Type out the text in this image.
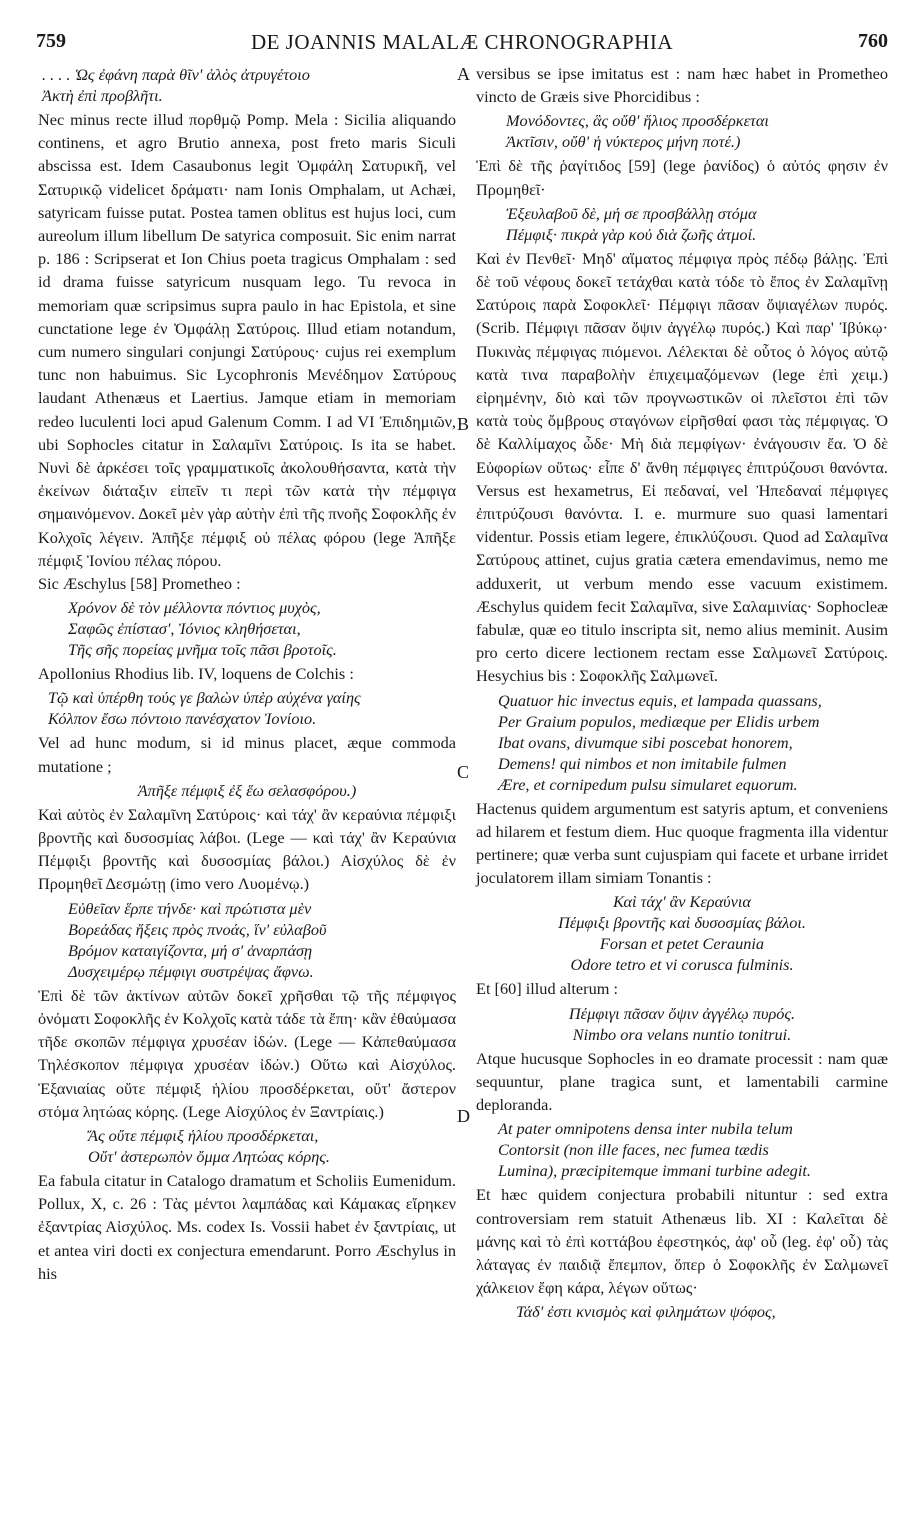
759	DE JOANNIS MALALÆ CHRONOGRAPHIA	760
A
B
C
D
. . . . Ὡς ἐφάνη παρὰ θῖν' ἁλὸς ἀτρυγέτοιο
Ἀκτὴ ἐπὶ προβλῆτι.

Nec minus recte illud πορθμῷ Pomp. Mela : Sicilia aliquando continens, et agro Brutio annexa, post freto maris Siculi abscissa est. Idem Casaubonus legit Ὀμφάλη Σατυρικῆ, vel Σατυρικῷ videlicet δράματι· nam Ionis Omphalam, ut Achæi, satyricam fuisse putat. Postea tamen oblitus est hujus loci, cum aureolum illum libellum De satyrica composuit. Sic enim narrat p. 186 : Scripserat et Ion Chius poeta tragicus Omphalam : sed id drama fuisse satyricum nusquam lego. Tu revoca in memoriam quæ scripsimus supra paulo in hac Epistola, et sine cunctatione lege ἐν Ὀμφάλῃ Σατύροις. Illud etiam notandum, cum numero singulari conjungi Σατύρους· cujus rei exemplum tunc non habuimus. Sic Lycophronis Μενέδημον Σατύρους laudant Athenæus et Laertius. Jamque etiam in memoriam redeo luculenti loci apud Galenum Comm. I ad VI Ἐπιδημιῶν, ubi Sophocles citatur in Σαλαμῖνι Σατύροις. Is ita se habet. Νυνὶ δὲ ἀρκέσει τοῖς γραμματικοῖς ἀκολουθήσαντα, κατὰ τὴν ἐκείνων διάταξιν εἰπεῖν τι περὶ τῶν κατὰ τὴν πέμφιγα σημαινόμενον. Δοκεῖ μὲν γὰρ αὐτὴν ἐπὶ τῆς πνοῆς Σοφοκλῆς ἐν Κολχοῖς λέγειν. Ἀπῆξε πέμφιξ οὐ πέλας φόρου (lege Ἀπῆξε πέμφιξ Ἰονίου πέλας πόρου.

Sic Æschylus [58] Prometheo :

Χρόνον δὲ τὸν μέλλοντα πόντιος μυχὸς,
Σαφῶς ἐπίστασ', Ἰόνιος κληθήσεται,
Τῆς σῆς πορείας μνῆμα τοῖς πᾶσι βροτοῖς.

Apollonius Rhodius lib. IV, loquens de Colchis :

Τῷ καὶ ὑπέρθη τούς γε βαλὼν ὑπὲρ αὐχένα γαίης
Κόλπον ἔσω πόντοιο πανέσχατον Ἰονίοιο.

Vel ad hunc modum, si id minus placet, æque commoda mutatione ;

Ἀπῆξε πέμφιξ ἐξ ἕω σελασφόρου.)

Καὶ αὐτὸς ἐν Σαλαμῖνη Σατύροις· καὶ τάχ' ἂν κεραύνια πέμφιξι βροντῆς καὶ δυσοσμίας λάβοι. (Lege — καὶ τάχ' ἂν Κεραύνια Πέμφιξι βροντῆς καὶ δυσοσμίας βάλοι.) Αἰσχύλος δὲ ἐν Προμηθεῖ Δεσμώτῃ (imo vero Λυομένῳ.)

Εὐθεῖαν ἕρπε τήνδε· καὶ πρώτιστα μὲν
Βορεάδας ἥξεις πρὸς πνοάς, ἵν' εὐλαβοῦ
Βρόμον καταιγίζοντα, μή σ' ἀναρπάσῃ
Δυσχειμέρῳ πέμφιγι συστρέψας ἄφνω.

Ἐπὶ δὲ τῶν ἀκτίνων αὐτῶν δοκεῖ χρῆσθαι τῷ τῆς πέμφιγος ὀνόματι Σοφοκλῆς ἐν Κολχοῖς κατὰ τάδε τὰ ἔπη· κἂν ἐθαύμασα τῆδε σκοπῶν πέμφιγα χρυσέαν ἰδών. (Lege — Κἀπεθαύμασα Τηλέσκοπον πέμφιγα χρυσέαν ἰδών.) Οὕτω καὶ Αἰσχύλος. Ἐξανιαίας οὔτε πέμφιξ ἡλίου προσδέρκεται, οὔτ' ἄστερον στόμα λητώας κόρης. (Lege Αἰσχύλος ἐν Ξαντρίαις.)

Ἄς οὔτε πέμφιξ ἡλίου προσδέρκεται,
Οὔτ' ἀστερωπὸν ὄμμα Λητώας κόρης.

Ea fabula citatur in Catalogo dramatum et Scholiis Eumenidum. Pollux, X, c. 26 : Τὰς μέντοι λαμπάδας καὶ Κάμακας εἴρηκεν ἐξαντρίας Αἰσχύλος. Ms. codex Is. Vossii habet ἐν ξαντρίαις, ut et antea viri docti ex conjectura emendarunt. Porro Æschylus in his

versibus se ipse imitatus est : nam hæc habet in Prometheo vincto de Græis sive Phorcidibus :

Μονόδοντες, ἃς οὔθ' ἥλιος προσδέρκεται
Ἀκτῖσιν, οὔθ' ἡ νύκτερος μήνη ποτέ.)

Ἐπὶ δὲ τῆς ῥαγίτιδος [59] (lege ῥανίδος) ὁ αὐτός φησιν ἐν Προμηθεῖ·

Ἐξευλαβοῦ δὲ, μή σε προσβάλλῃ στόμα
Πέμφιξ· πικρὰ γὰρ κοὐ διὰ ζωῆς ἀτμοί.

Καὶ ἐν Πενθεῖ· Μηδ' αἵματος πέμφιγα πρὸς πέδῳ βάλῃς. Ἐπὶ δὲ τοῦ νέφους δοκεῖ τετάχθαι κατὰ τόδε τὸ ἔπος ἐν Σαλαμῖνῃ Σατύροις παρὰ Σοφοκλεῖ· Πέμφιγι πᾶσαν ὄψιαγέλων πυρός. (Scrib. Πέμφιγι πᾶσαν ὄψιν ἀγγέλῳ πυρός.) Καὶ παρ' Ἰβύκῳ· Πυκινὰς πέμφιγας πιόμενοι. Λέλεκται δὲ οὗτος ὁ λόγος αὐτῷ κατὰ τινα παραβολὴν ἐπιχειμαζόμενων (lege ἐπὶ χειμ.) εἰρημένην, διὸ καὶ τῶν προγνωστικῶν οἱ πλεῖστοι ἐπὶ τῶν κατὰ τοὺς ὄμβρους σταγόνων εἰρῆσθαί φασι τὰς πέμφιγας. Ὁ δὲ Καλλίμαχος ὧδε· Μὴ διὰ πεμφίγων· ἐνάγουσιν ἔα. Ὁ δὲ Εὐφορίων οὕτως· εἶπε δ' ἄνθη πέμφιγες ἐπιτρύζουσι θανόντα. Versus est hexametrus, Εἱ πεδαναί, vel Ἠπεδαναί πέμφιγες ἐπιτρύζουσι θανόντα. I. e. murmure suo quasi lamentari videntur. Possis etiam legere, ἐπικλύζουσι. Quod ad Σαλαμῖνα Σατύρους attinet, cujus gratia cætera emendavimus, nemo me adduxerit, ut verbum mendo esse vacuum existimem. Æschylus quidem fecit Σαλαμῖνα, sive Σαλαμινίας· Sophocleæ fabulæ, quæ eo titulo inscripta sit, nemo alius meminit. Ausim pro certo dicere lectionem rectam esse Σαλμωνεῖ Σατύροις. Hesychius bis : Σοφοκλῆς Σαλμωνεῖ.

Quatuor hic invectus equis, et lampada quassans,
Per Graium populos, mediæque per Elidis urbem
Ibat ovans, divumque sibi poscebat honorem,
Demens! qui nimbos et non imitabile fulmen
Ære, et cornipedum pulsu simularet equorum.

Hactenus quidem argumentum est satyris aptum, et conveniens ad hilarem et festum diem. Huc quoque fragmenta illa videntur pertinere; quæ verba sunt cujuspiam qui facete et urbane irridet joculatorem illam simiam Tonantis :

Καὶ τάχ' ἂν Κεραύνια
Πέμφιξι βροντῆς καὶ δυσοσμίας βάλοι.
Forsan et petet Ceraunia
Odore tetro et vi corusca fulminis.

Et [60] illud alterum :

Πέμφιγι πᾶσαν ὄψιν ἀγγέλῳ πυρός.
Nimbo ora velans nuntio tonitrui.

Atque hucusque Sophocles in eo dramate processit : nam quæ sequuntur, plane tragica sunt, et lamentabili carmine deploranda.

At pater omnipotens densa inter nubila telum
Contorsit (non ille faces, nec fumea tædis
Lumina), præcipitemque immani turbine adegit.

Et hæc quidem conjectura probabili nituntur : sed extra controversiam rem statuit Athenæus lib. XI : Καλεῖται δὲ μάνης καὶ τὸ ἐπὶ κοττάβου ἐφεστηκός, ἀφ' οὗ (leg. ἐφ' οὗ) τὰς λάταγας ἐν παιδιᾷ ἔπεμπον, ὅπερ ὁ Σοφοκλῆς ἐν Σαλμωνεῖ χάλκειον ἔφη κάρα, λέγων οὕτως·

Τάδ' ἐστι κνισμὸς καὶ φιλημάτων ψόφος,
